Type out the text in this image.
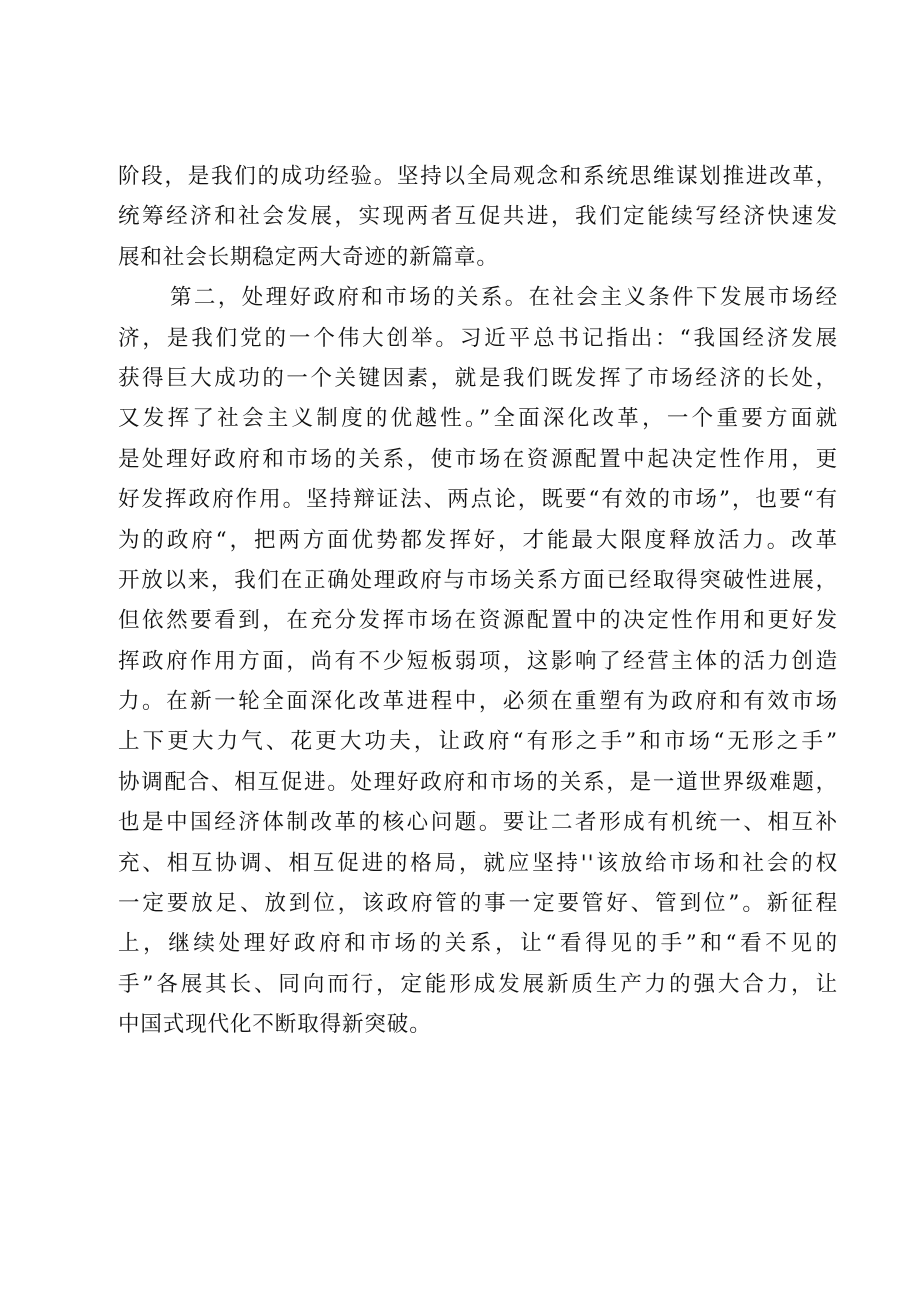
阶段，是我们的成功经验。坚持以全局观念和系统思维谋划推进改革，
统筹经济和社会发展，实现两者互促共进，我们定能续写经济快速发
展和社会长期稳定两大奇迹的新篇章。
第二，处理好政府和市场的关系。在社会主义条件下发展市场经
济，是我们党的一个伟大创举。习近平总书记指出：“我国经济发展
获得巨大成功的一个关键因素，就是我们既发挥了市场经济的长处，
又发挥了社会主义制度的优越性。”全面深化改革，一个重要方面就
是处理好政府和市场的关系，使市场在资源配置中起决定性作用，更
好发挥政府作用。坚持辩证法、两点论，既要“有效的市场”，也要“有
为的政府“，把两方面优势都发挥好，才能最大限度释放活力。改革
开放以来，我们在正确处理政府与市场关系方面已经取得突破性进展，
但依然要看到，在充分发挥市场在资源配置中的决定性作用和更好发
挥政府作用方面，尚有不少短板弱项，这影响了经营主体的活力创造
力。在新一轮全面深化改革进程中，必须在重塑有为政府和有效市场
上下更大力气、花更大功夫，让政府“有形之手”和市场“无形之手”
协调配合、相互促进。处理好政府和市场的关系，是一道世界级难题，
也是中国经济体制改革的核心问题。要让二者形成有机统一、相互补
充、相互协调、相互促进的格局，就应坚持''该放给市场和社会的权
一定要放足、放到位，该政府管的事一定要管好、管到位”。新征程
上，继续处理好政府和市场的关系，让“看得见的手”和“看不见的
手”各展其长、同向而行，定能形成发展新质生产力的强大合力，让
中国式现代化不断取得新突破。
